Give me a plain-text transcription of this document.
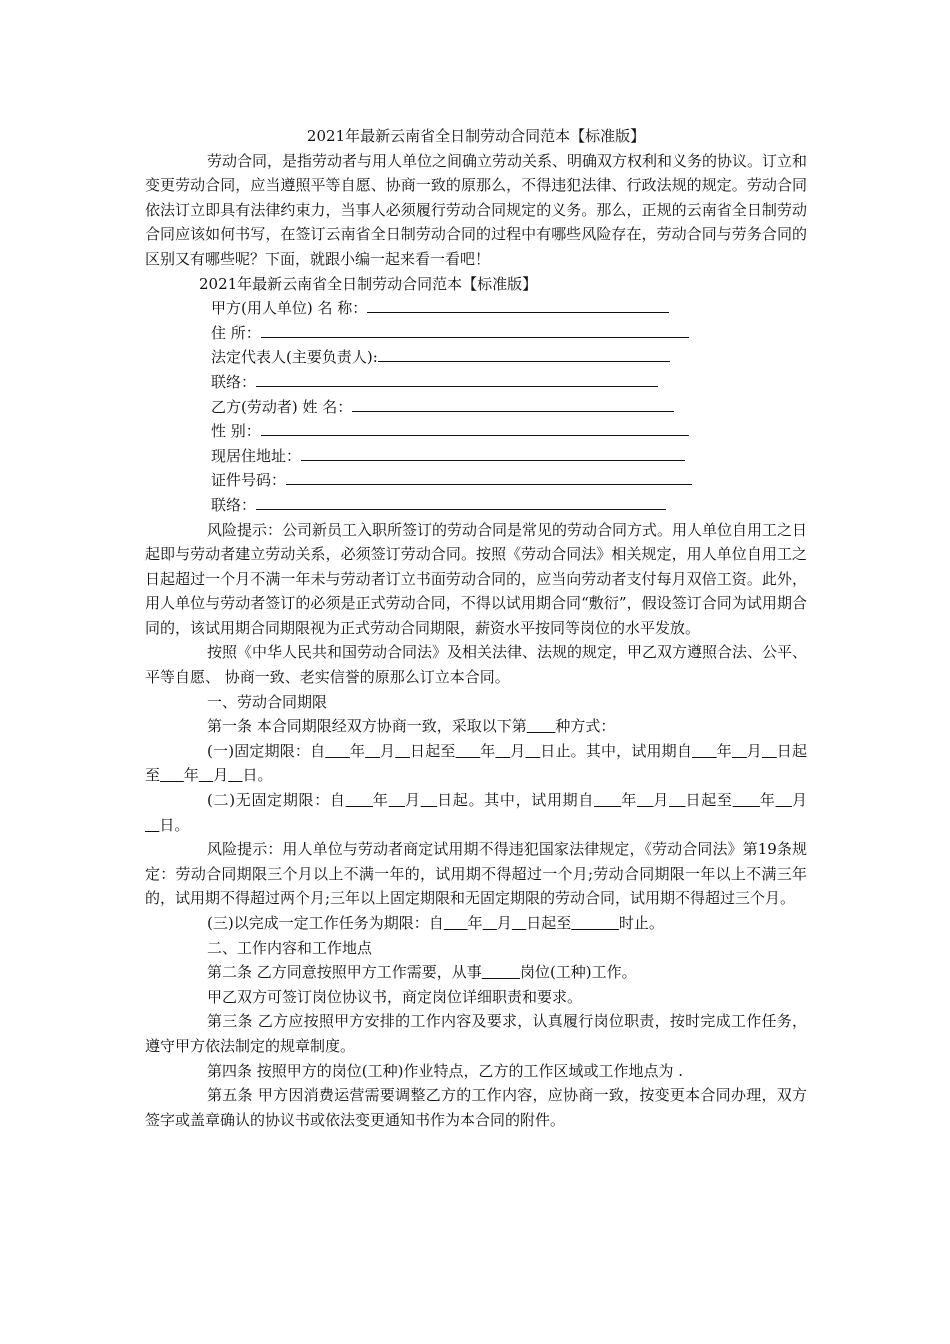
2021年最新云南省全日制劳动合同范本【标准版】

劳动合同，是指劳动者与用人单位之间确立劳动关系、明确双方权利和义务的协议。订立和变更劳动合同，应当遵照平等自愿、协商一致的原那么，不得违犯法律、行政法规的规定。劳动合同依法订立即具有法律约束力，当事人必须履行劳动合同规定的义务。那么，正规的云南省全日制劳动合同应该如何书写，在签订云南省全日制劳动合同的过程中有哪些风险存在，劳动合同与劳务合同的区别又有哪些呢？下面，就跟小编一起来看一看吧！

2021年最新云南省全日制劳动合同范本【标准版】

甲方(用人单位) 名 称：

住 所：

法定代表人(主要负责人):

联络：

乙方(劳动者) 姓 名：

性 别：

现居住地址：

证件号码：

联络：

风险提示：公司新员工入职所签订的劳动合同是常见的劳动合同方式。用人单位自用工之日起即与劳动者建立劳动关系，必须签订劳动合同。按照《劳动合同法》相关规定，用人单位自用工之日起超过一个月不满一年未与劳动者订立书面劳动合同的，应当向劳动者支付每月双倍工资。此外，用人单位与劳动者签订的必须是正式劳动合同，不得以试用期合同“敷衍”，假设签订合同为试用期合同的，该试用期合同期限视为正式劳动合同期限，薪资水平按同等岗位的水平发放。

按照《中华人民共和国劳动合同法》及相关法律、法规的规定，甲乙双方遵照合法、公平、平等自愿、 协商一致、老实信誉的原那么订立本合同。

一、劳动合同期限

第一条 本合同期限经双方协商一致，采取以下第 种方式：

(一)固定期限：自 年 月 日起至 年 月 日止。其中，试用期自 年 月 日起至 年 月 日。

(二)无固定期限：自 年 月 日起。其中，试用期自 年 月 日起至 年 月   日。

风险提示：用人单位与劳动者商定试用期不得违犯国家法律规定，《劳动合同法》第19条规定：劳动合同期限三个月以上不满一年的，试用期不得超过一个月;劳动合同期限一年以上不满三年的，试用期不得超过两个月;三年以上固定期限和无固定期限的劳动合同，试用期不得超过三个月。

(三)以完成一定工作任务为期限：自 年 月 日起至	时止。

二、工作内容和工作地点

第二条 乙方同意按照甲方工作需要，从事	岗位(工种)工作。

甲乙双方可签订岗位协议书，商定岗位详细职责和要求。

第三条 乙方应按照甲方安排的工作内容及要求，认真履行岗位职责，按时完成工作任务，遵守甲方依法制定的规章制度。

第四条 按照甲方的岗位(工种)作业特点，乙方的工作区域或工作地点为 .

第五条 甲方因消费运营需要调整乙方的工作内容，应协商一致，按变更本合同办理，双方签字或盖章确认的协议书或依法变更通知书作为本合同的附件。
